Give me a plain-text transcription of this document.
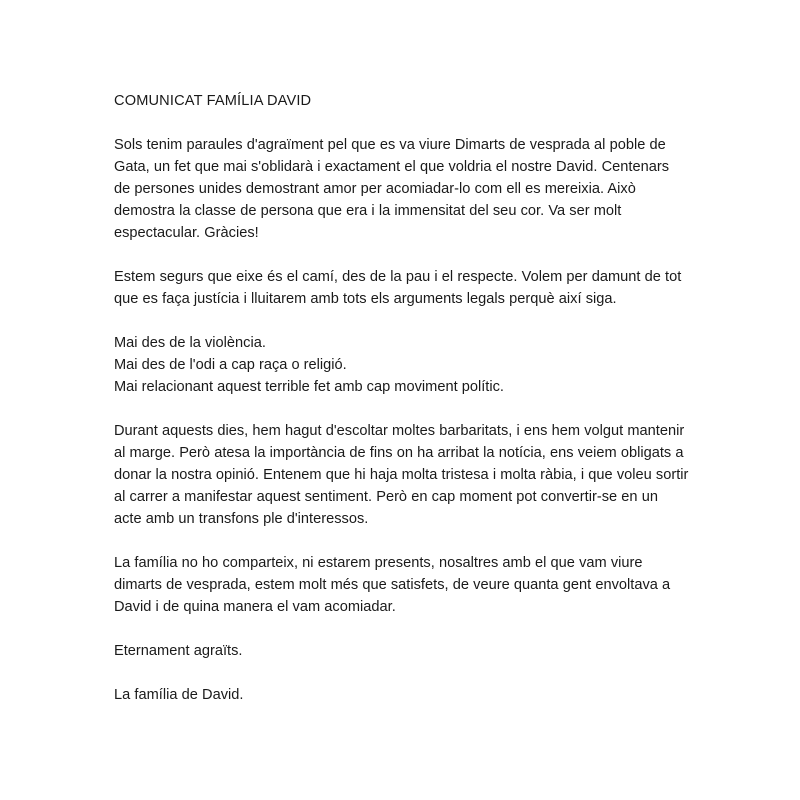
COMUNICAT FAMÍLIA DAVID

Sols tenim paraules d'agraïment pel que es va viure Dimarts de vesprada al poble de Gata, un fet que mai s'oblidarà i exactament el que voldria el nostre David. Centenars de persones unides demostrant amor per acomiadar-lo com ell es mereixia. Això demostra la classe de persona que era i la immensitat del seu cor. Va ser molt espectacular. Gràcies!

Estem segurs que eixe és el camí, des de la pau i el respecte. Volem per damunt de tot que es faça justícia i lluitarem amb tots els arguments legals perquè així siga.

Mai des de la violència.
Mai des de l'odi a cap raça o religió.
Mai relacionant aquest terrible fet amb cap moviment polític.

Durant aquests dies, hem hagut d'escoltar moltes barbaritats, i ens hem volgut mantenir al marge. Però atesa la importància de fins on ha arribat la notícia, ens veiem obligats a donar la nostra opinió. Entenem que hi haja molta tristesa i molta ràbia, i que voleu sortir al carrer a manifestar aquest sentiment. Però en cap moment pot convertir-se en un acte amb un transfons ple d'interessos.

La família no ho comparteix, ni estarem presents, nosaltres amb el que vam viure dimarts de vesprada, estem molt més que satisfets, de veure quanta gent envoltava a David i de quina manera el vam acomiadar.

Eternament agraïts.

La família de David.
